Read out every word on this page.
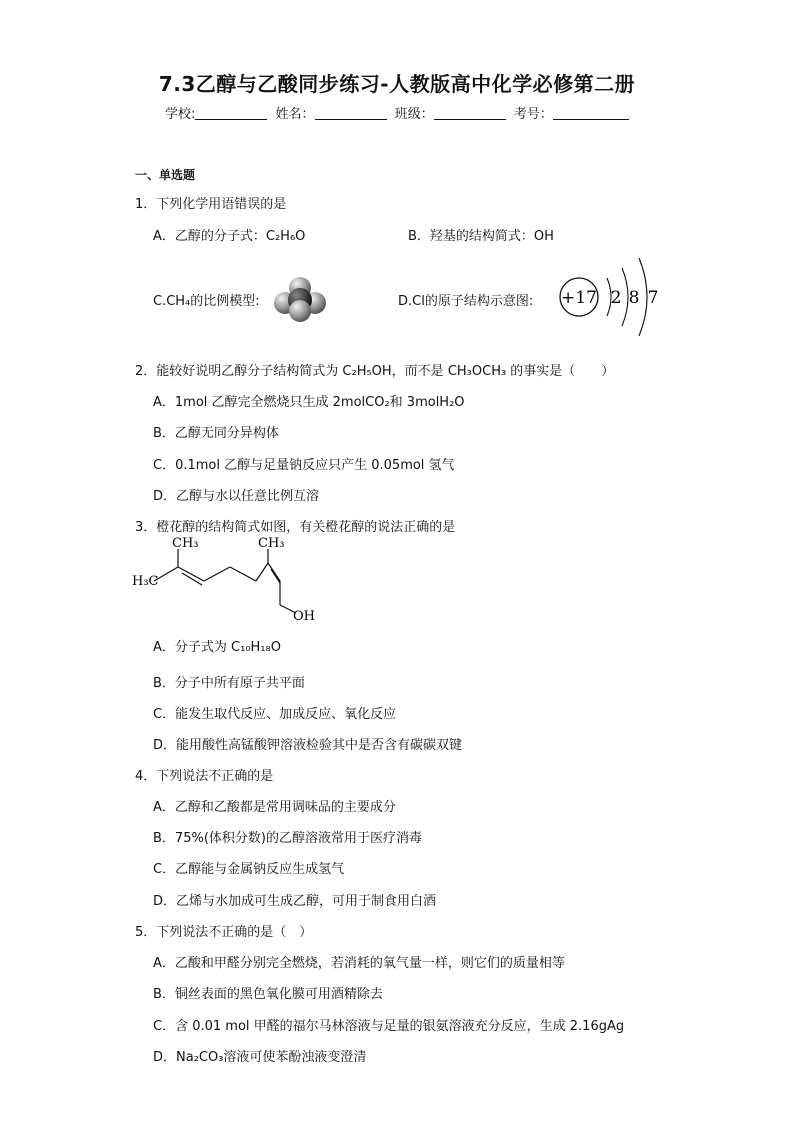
7.3乙醇与乙酸同步练习-人教版高中化学必修第二册
学校:	姓名：	班级：	考号：
一、单选题
1．下列化学用语错误的是
A．乙醇的分子式：C₂H₆O	B．羟基的结构简式：OH
C.CH₄的比例模型:	D.Cl的原子结构示意图: +17 2 8 7
2．能较好说明乙醇分子结构简式为 C₂H₅OH，而不是 CH₃OCH₃ 的事实是（　　）
A．1mol 乙醇完全燃烧只生成 2molCO₂和 3molH₂O
B．乙醇无同分异构体
C．0.1mol 乙醇与足量钠反应只产生 0.05mol 氢气
D．乙醇与水以任意比例互溶
3．橙花醇的结构简式如图，有关橙花醇的说法正确的是
CH₃	CH₃
H₃C
OH
A．分子式为 C₁₀H₁₈O
B．分子中所有原子共平面
C．能发生取代反应、加成反应、氧化反应
D．能用酸性高锰酸钾溶液检验其中是否含有碳碳双键
4．下列说法不正确的是
A．乙醇和乙酸都是常用调味品的主要成分
B．75%(体积分数)的乙醇溶液常用于医疗消毒
C．乙醇能与金属钠反应生成氢气
D．乙烯与水加成可生成乙醇，可用于制食用白酒
5．下列说法不正确的是（　）
A．乙酸和甲醛分别完全燃烧，若消耗的氧气量一样，则它们的质量相等
B．铜丝表面的黑色氧化膜可用酒精除去
C．含 0.01 mol 甲醛的福尔马林溶液与足量的银氨溶液充分反应，生成 2.16gAg
D．Na₂CO₃溶液可使苯酚浊液变澄清
